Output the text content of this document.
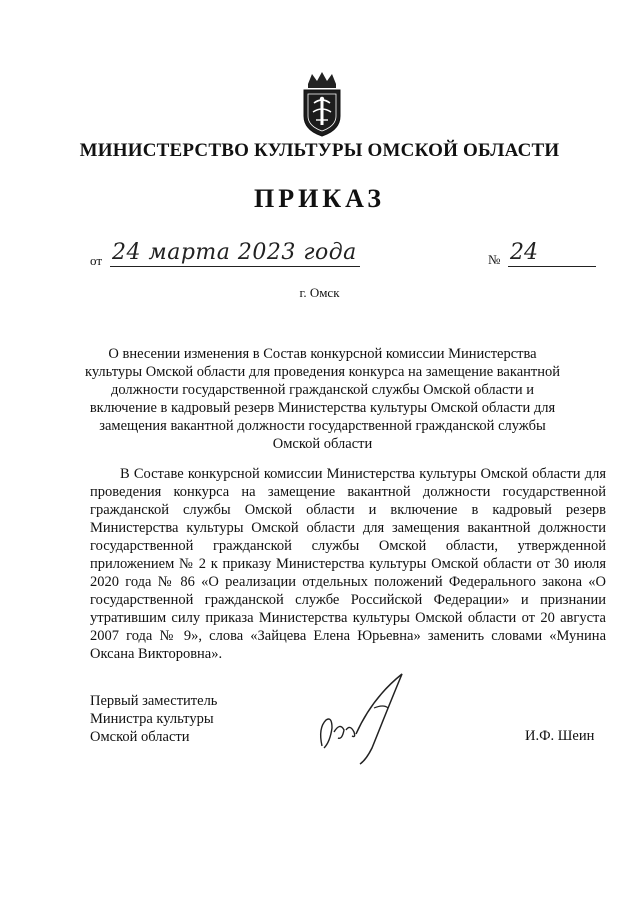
МИНИСТЕРСТВО КУЛЬТУРЫ ОМСКОЙ ОБЛАСТИ
ПРИКАЗ
от 24 марта 2023 года	№ 24
г. Омск
О внесении изменения в Состав конкурсной комиссии Министерства культуры Омской области для проведения конкурса на замещение вакантной должности государственной гражданской службы Омской области и включение в кадровый резерв Министерства культуры Омской области для замещения вакантной должности государственной гражданской службы Омской области

В Составе конкурсной комиссии Министерства культуры Омской области для проведения конкурса на замещение вакантной должности государственной гражданской службы Омской области и включение в кадровый резерв Министерства культуры Омской области для замещения вакантной должности государственной гражданской службы Омской области, утвержденной приложением № 2 к приказу Министерства культуры Омской области от 30 июля 2020 года № 86 «О реализации отдельных положений Федерального закона «О государственной гражданской службе Российской Федерации» и признании утратившим силу приказа Министерства культуры Омской области от 20 августа 2007 года № 9», слова «Зайцева Елена Юрьевна» заменить словами «Мунина Оксана Викторовна».

Первый заместитель
Министра культуры
Омской области	И.Ф. Шеин
